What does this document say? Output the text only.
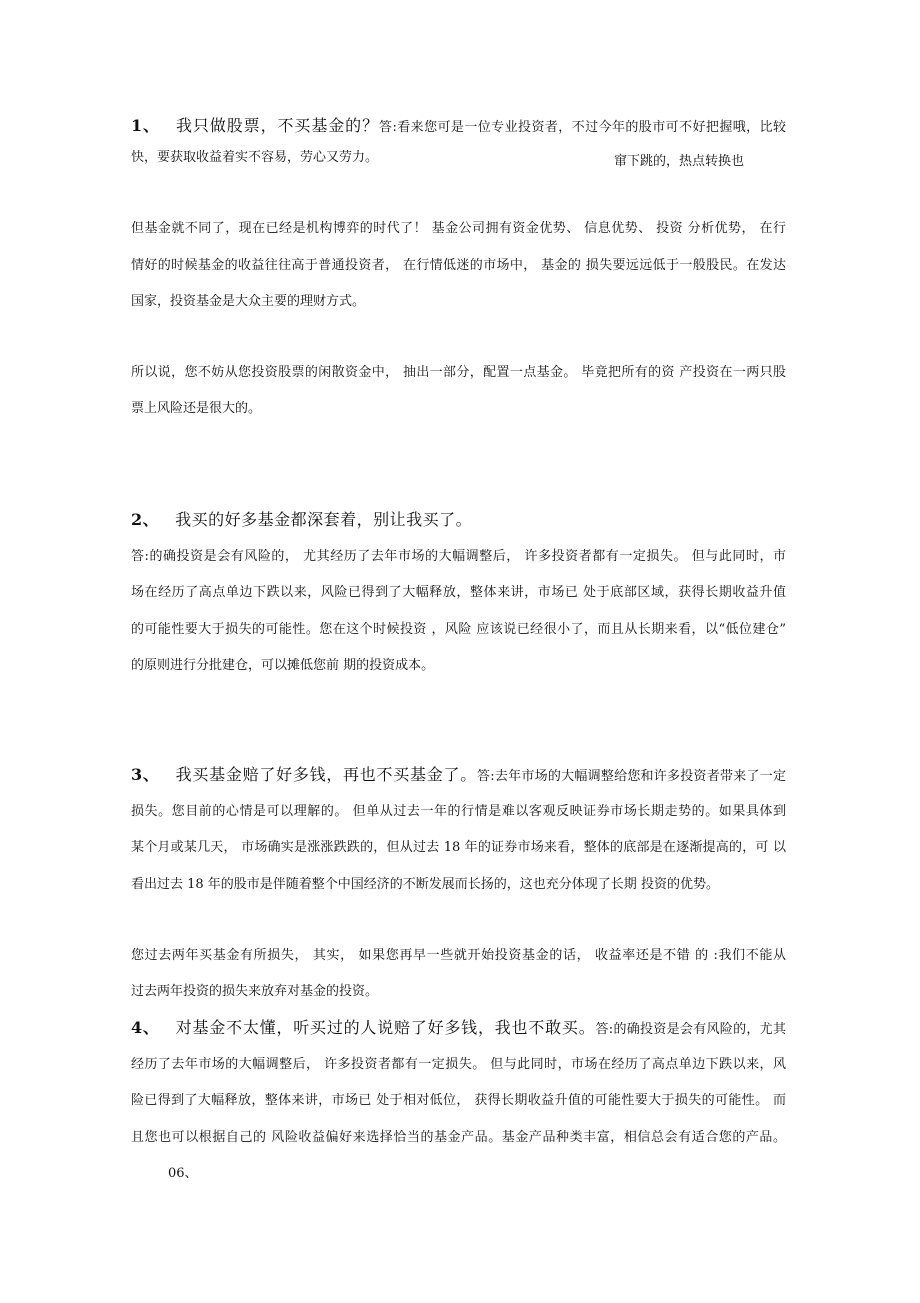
1、 我只做股票，不买基金的？答:看来您可是一位专业投资者，不过今年的股市可不好把握哦，比较
快，要获取收益着实不容易，劳心又劳力。	窜下跳的，热点转换也
但基金就不同了，现在已经是机构博弈的时代了！ 基金公司拥有资金优势、 信息优势、 投资 分析优势， 在行
情好的时候基金的收益往往高于普通投资者， 在行情低迷的市场中， 基金的 损失要远远低于一般股民。在发达
国家，投资基金是大众主要的理财方式。
所以说，您不妨从您投资股票的闲散资金中， 抽出一部分，配置一点基金。 毕竟把所有的资 产投资在一两只股
票上风险还是很大的。
2、 我买的好多基金都深套着，别让我买了。
答:的确投资是会有风险的， 尤其经历了去年市场的大幅调整后， 许多投资者都有一定损失。 但与此同时，市
场在经历了高点单边下跌以来，风险已得到了大幅释放，整体来讲，市场已 处于底部区域，获得长期收益升值
的可能性要大于损失的可能性。您在这个时候投资 ，风险 应该说已经很小了，而且从长期来看，以“低位建仓”
的原则进行分批建仓，可以摊低您前 期的投资成本。
3、 我买基金赔了好多钱，再也不买基金了。答:去年市场的大幅调整给您和许多投资者带来了一定
损失。您目前的心情是可以理解的。 但单从过去一年的行情是难以客观反映证券市场长期走势的。如果具体到
某个月或某几天， 市场确实是涨涨跌跌的，但从过去 18 年的证券市场来看，整体的底部是在逐渐提高的，可 以
看出过去 18 年的股市是伴随着整个中国经济的不断发展而长扬的，这也充分体现了长期 投资的优势。
您过去两年买基金有所损失， 其实， 如果您再早一些就开始投资基金的话， 收益率还是不错 的 :我们不能从
过去两年投资的损失来放弃对基金的投资。
4、 对基金不太懂，听买过的人说赔了好多钱，我也不敢买。答:的确投资是会有风险的，尤其
经历了去年市场的大幅调整后， 许多投资者都有一定损失。 但与此同时，市场在经历了高点单边下跌以来，风
险已得到了大幅释放，整体来讲，市场已 处于相对低位， 获得长期收益升值的可能性要大于损失的可能性。 而
且您也可以根据自己的 风险收益偏好来选择恰当的基金产品。基金产品种类丰富，相信总会有适合您的产品。
06、
